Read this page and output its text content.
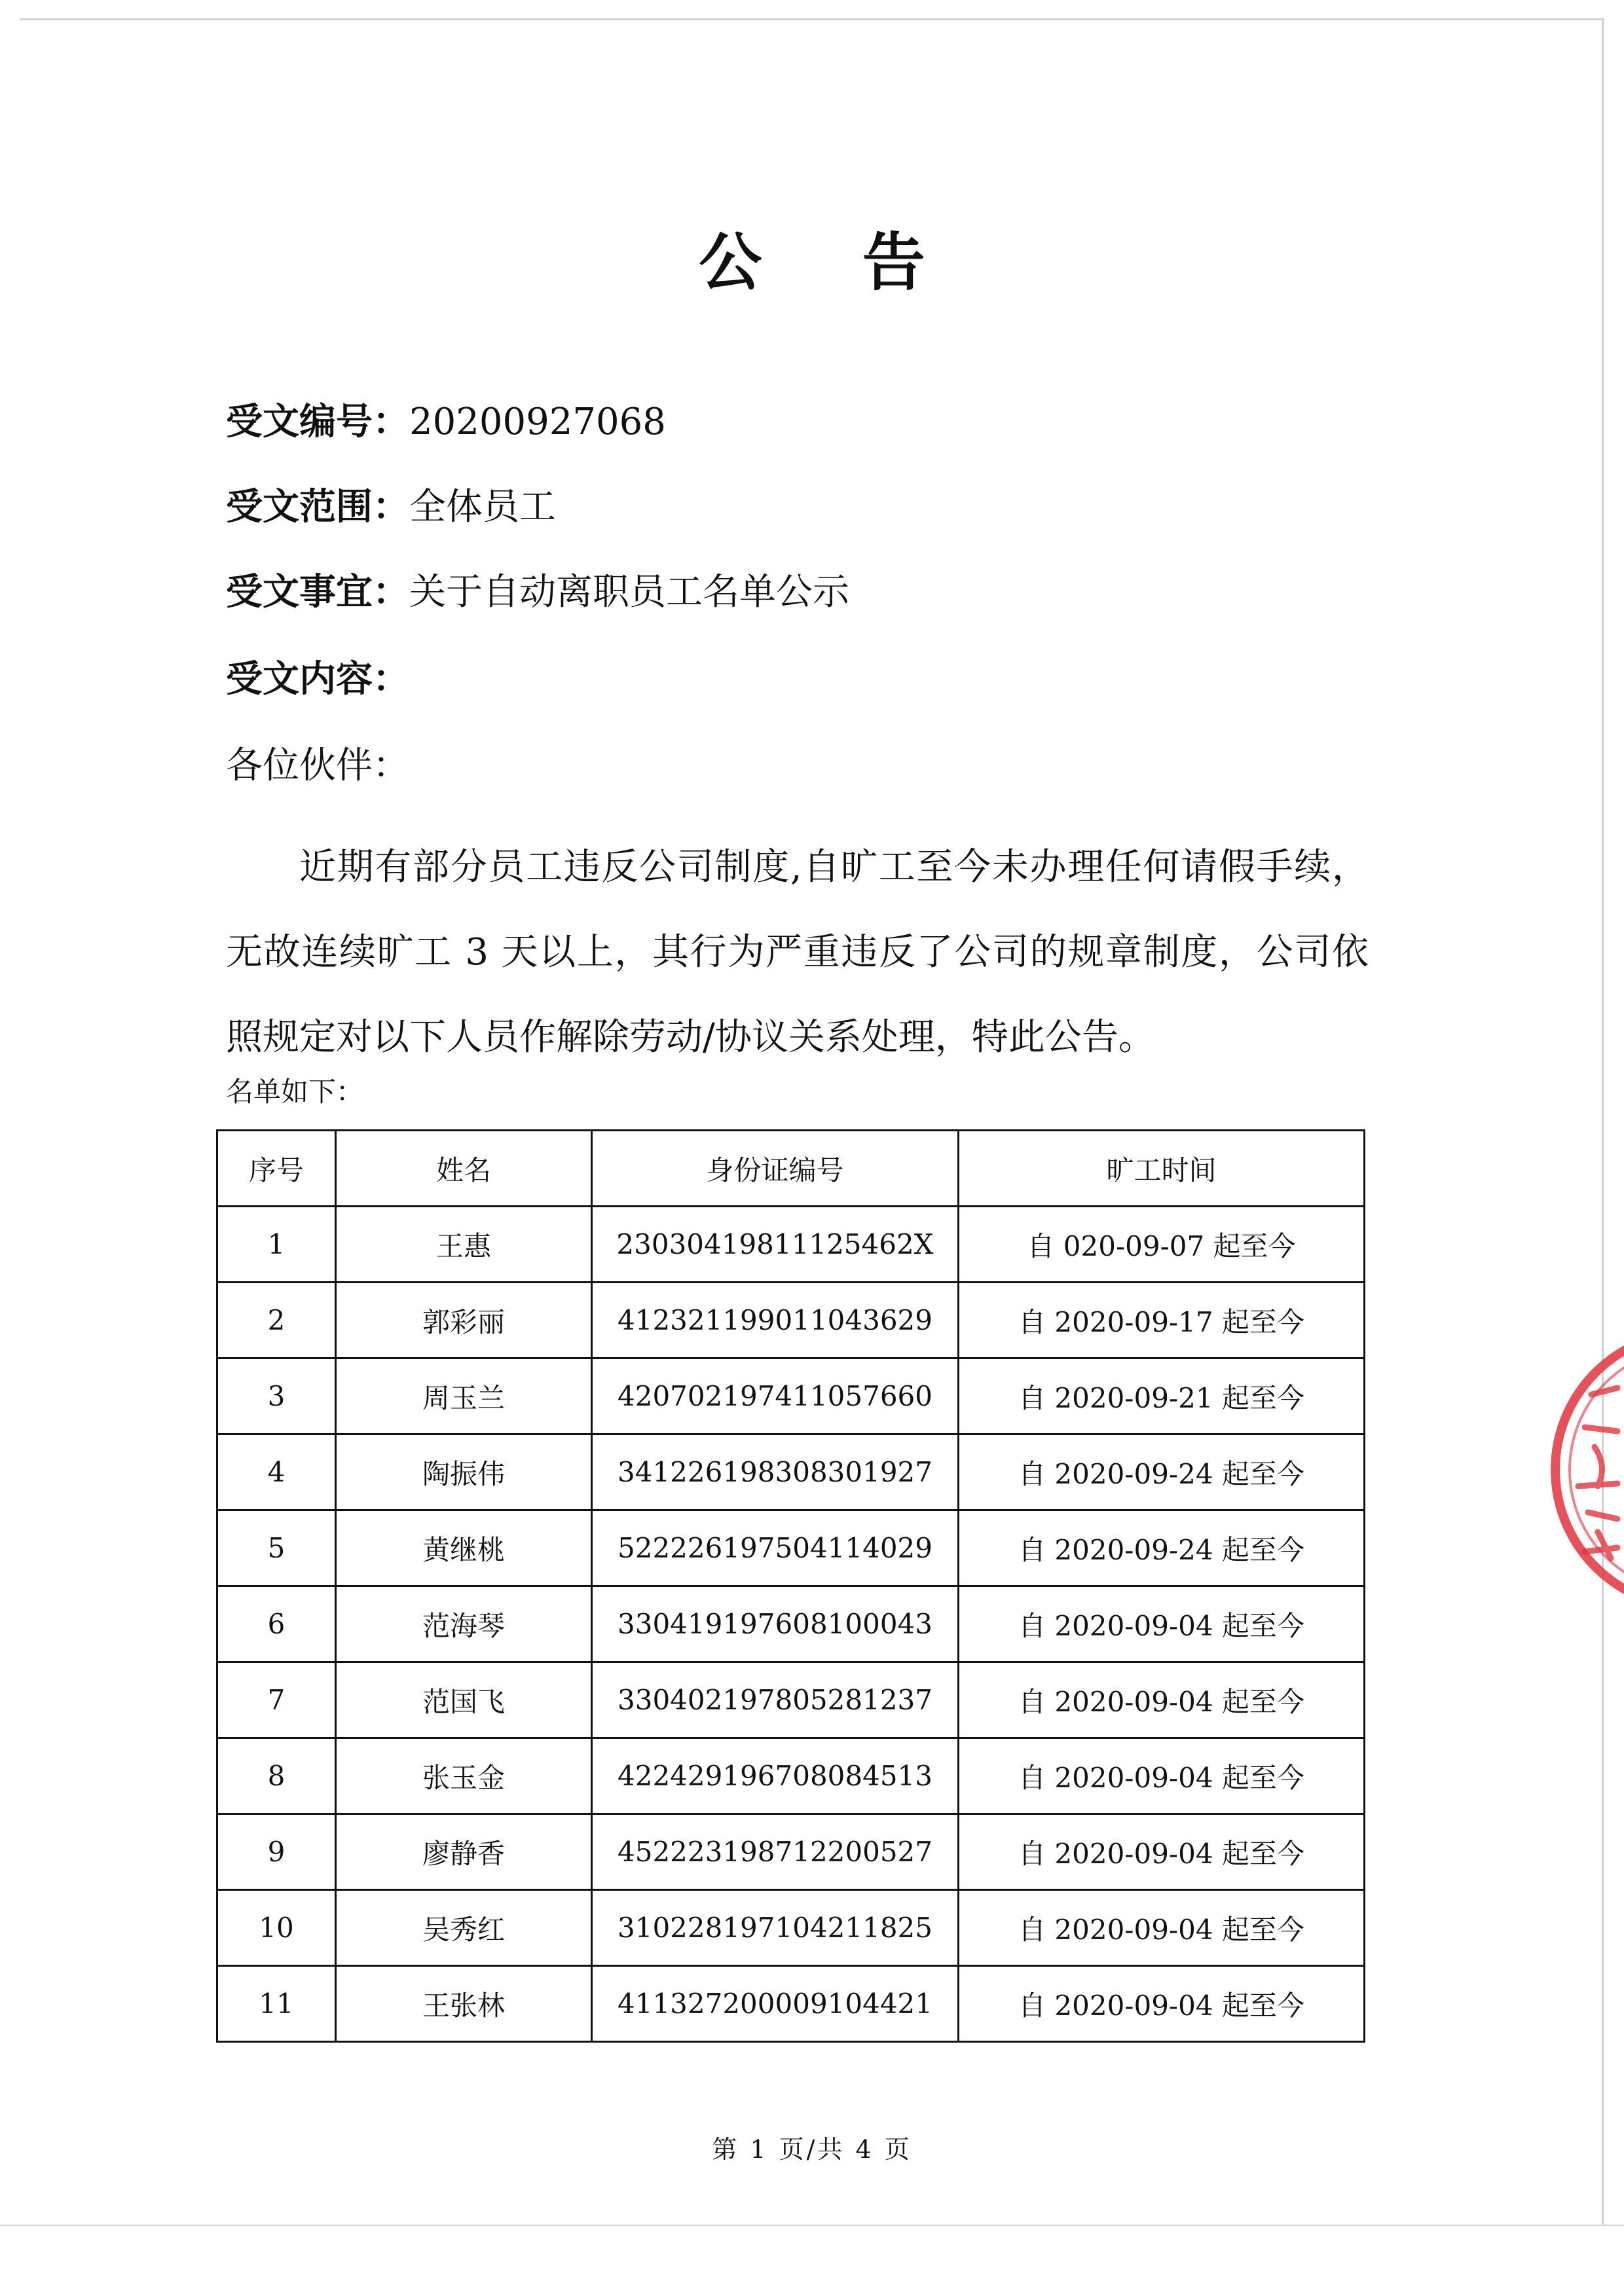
公 告
受文编号：20200927068
受文范围：全体员工
受文事宜：关于自动离职员工名单公示
受文内容：
各位伙伴：
近期有部分员工违反公司制度,自旷工至今未办理任何请假手续，无故连续旷工 3 天以上，其行为严重违反了公司的规章制度，公司依照规定对以下人员作解除劳动/协议关系处理，特此公告。
名单如下：
序号	姓名	身份证编号	旷工时间
1	王惠	23030419811125462X	自 020-09-07 起至今
2	郭彩丽	412321199011043629	自 2020-09-17 起至今
3	周玉兰	420702197411057660	自 2020-09-21 起至今
4	陶振伟	341226198308301927	自 2020-09-24 起至今
5	黄继桃	522226197504114029	自 2020-09-24 起至今
6	范海琴	330419197608100043	自 2020-09-04 起至今
7	范国飞	330402197805281237	自 2020-09-04 起至今
8	张玉金	422429196708084513	自 2020-09-04 起至今
9	廖静香	452223198712200527	自 2020-09-04 起至今
10	吴秀红	310228197104211825	自 2020-09-04 起至今
11	王张林	411327200009104421	自 2020-09-04 起至今
第 1 页/共 4 页
